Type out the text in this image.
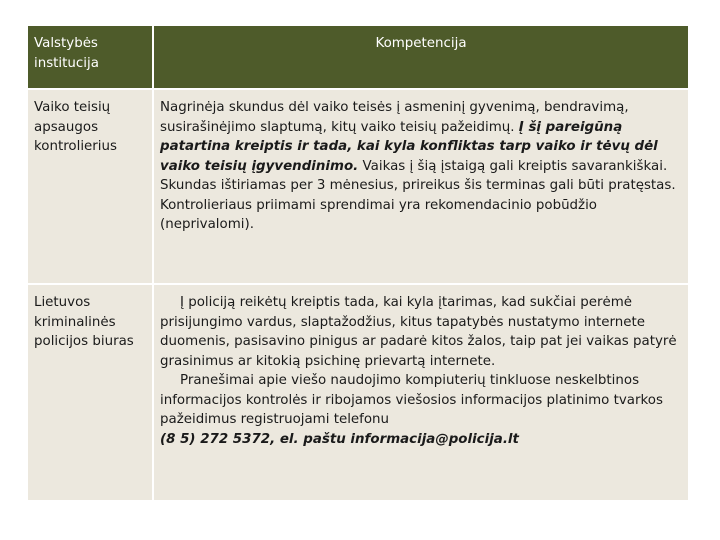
Valstybės institucija	Kompetencija
Vaiko teisių apsaugos kontrolierius	Nagrinėja skundus dėl vaiko teisės į asmeninį gyvenimą, bendravimą, susirašinėjimo slaptumą, kitų vaiko teisių pažeidimų. Į šį pareigūną patartina kreiptis ir tada, kai kyla konfliktas tarp vaiko ir tėvų dėl vaiko teisių įgyvendinimo. Vaikas į šią įstaigą gali kreiptis savarankiškai. Skundas ištiriamas per 3 mėnesius, prireikus šis terminas gali būti pratęstas. Kontrolieriaus priimami sprendimai yra rekomendacinio pobūdžio (neprivalomi).
Lietuvos kriminalinės policijos biuras	Į policiją reikėtų kreiptis tada, kai kyla įtarimas, kad sukčiai perėmė prisijungimo vardus, slaptažodžius, kitus tapatybės nustatymo internete duomenis, pasisavino pinigus ar padarė kitos žalos, taip pat jei vaikas patyrė grasinimus ar kitokią psichinę prievartą internete.
Pranešimai apie viešo naudojimo kompiuterių tinkluose neskelbtinos informacijos kontrolės ir ribojamos viešosios informacijos platinimo tvarkos pažeidimus registruojami telefonu
(8 5) 272 5372, el. paštu informacija@policija.lt
